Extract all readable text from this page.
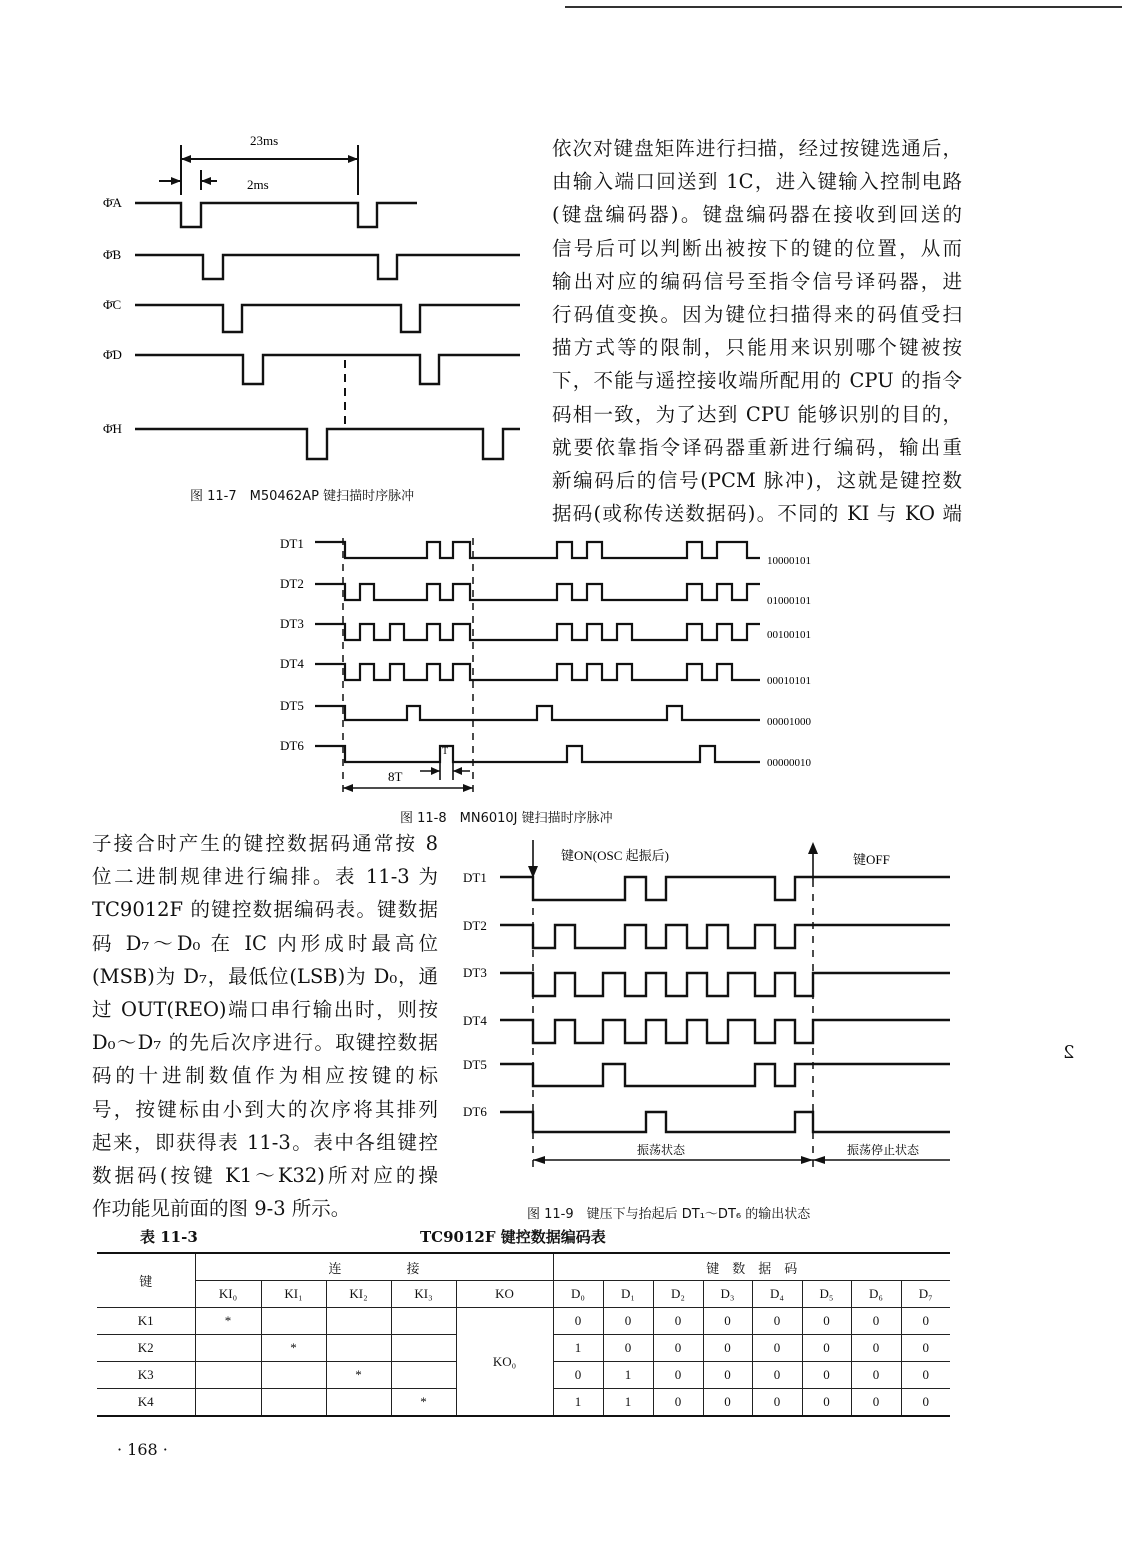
23ms
2ms
Φ̄A
Φ̄B
Φ̄C
Φ̄D
Φ̄H
图 11-7　M50462AP 键扫描时序脉冲

依次对键盘矩阵进行扫描，经过按键选通后，

由输入端口回送到 1C，进入键输入控制电路

(键盘编码器)。键盘编码器在接收到回送的

信号后可以判断出被按下的键的位置，从而

输出对应的编码信号至指令信号译码器，进

行码值变换。因为键位扫描得来的码值受扫

描方式等的限制，只能用来识别哪个键被按

下，不能与遥控接收端所配用的 CPU 的指令

码相一致，为了达到 CPU 能够识别的目的，

就要依靠指令译码器重新进行编码，输出重

新编码后的信号(PCM 脉冲)，这就是键控数

据码(或称传送数据码)。不同的 KI 与 KO 端

8T
T
DT1
DT2
DT3
DT4
DT5
DT6
10000101
01000101
00100101
00010101
00001000
00000010
图 11-8　MN6010J 键扫描时序脉冲

子接合时产生的键控数据码通常按 8

位二进制规律进行编排。表 11-3 为

TC9012F 的键控数据编码表。键数据

码 D₇～D₀ 在 IC 内形成时最高位

(MSB)为 D₇，最低位(LSB)为 D₀，通

过 OUT(REO)端口串行输出时，则按

D₀～D₇ 的先后次序进行。取键控数据

码的十进制数值作为相应按键的标

号，按键标由小到大的次序将其排列

起来，即获得表 11-3。表中各组键控

数据码(按键 K1～K32)所对应的操

作功能见前面的图 9-3 所示。

键ON(OSC 起振后)	键OFF
振荡状态	振荡停止状态
DT1
DT2
DT3
DT4
DT5
DT6
图 11-9　键压下与抬起后 DT₁～DT₆ 的输出状态
表 11-3	TC9012F 键控数据编码表
键	连　　　　　接					键　数　据　码							
	KI₀	KI₁	KI₂	KI₃	KO	D₀	D₁	D₂	D₃	D₄	D₅	D₆	D₇
K1	*				KO₀	0	0	0	0	0	0	0	0
K2		*				1	0	0	0	0	0	0	0
K3			*			0	1	0	0	0	0	0	0
K4				*		1	1	0	0	0	0	0	0
· 168 ·
2
